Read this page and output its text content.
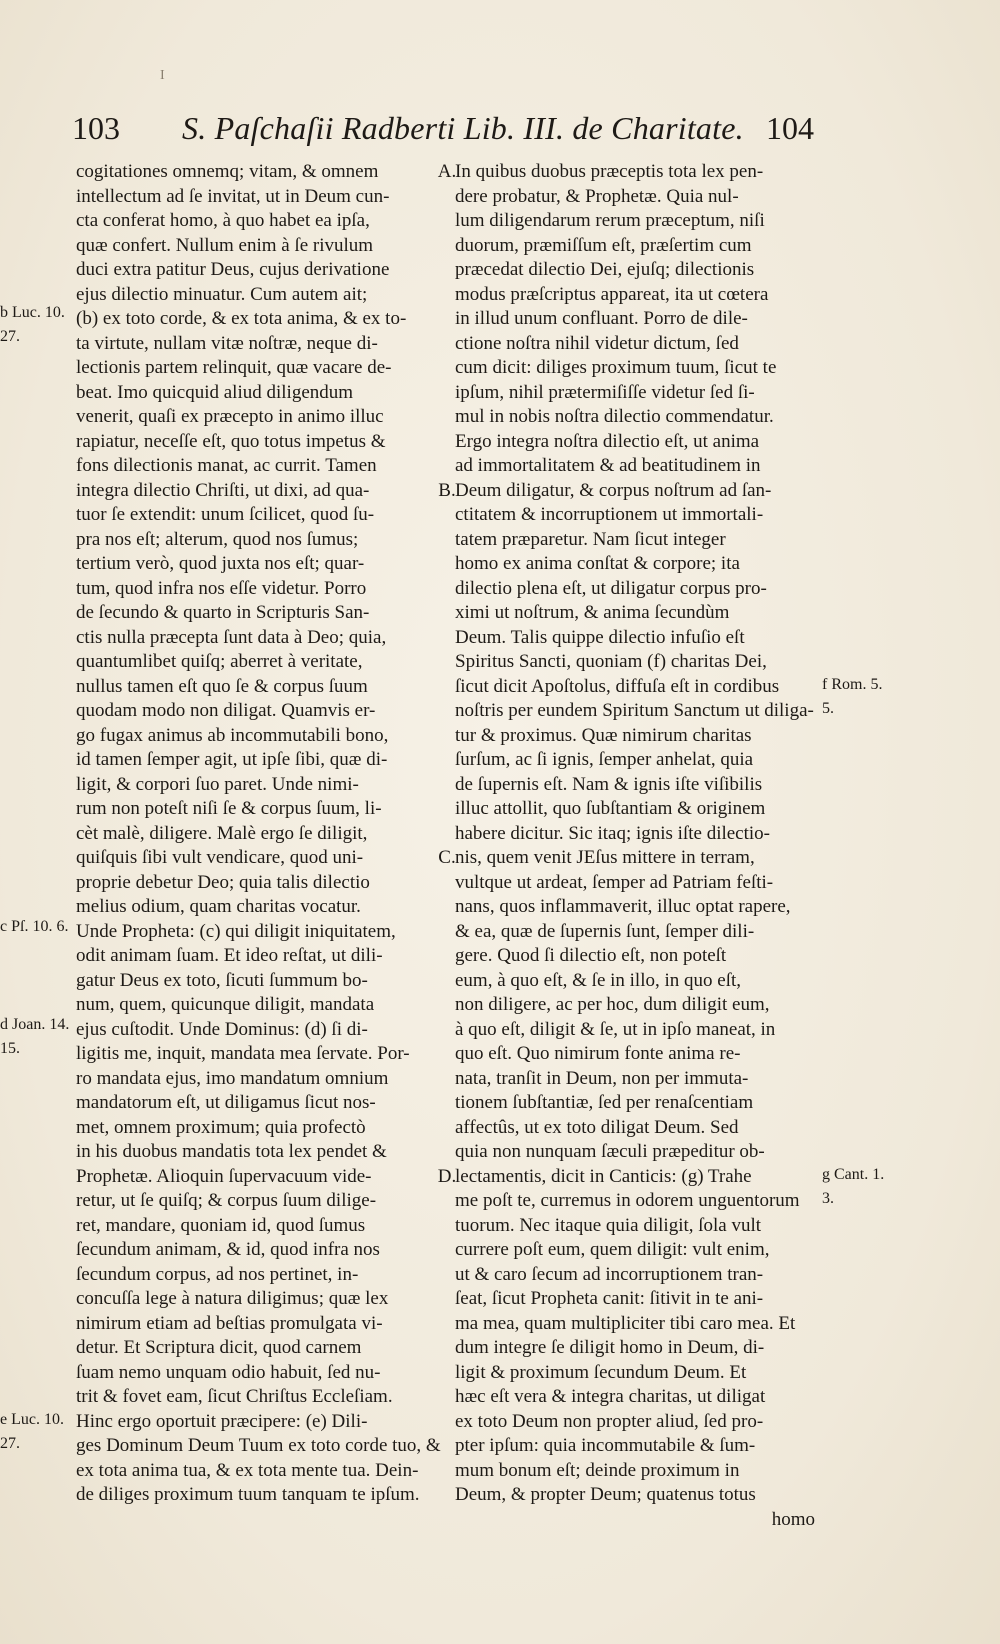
I
103 S. Paſchaſii Radberti Lib. III. de Charitate. 104
cogitationes omnemq; vitam, & omnem
intellectum ad ſe invitat, ut in Deum cun-
cta conferat homo, à quo habet ea ipſa,
quæ confert. Nullum enim à ſe rivulum
duci extra patitur Deus, cujus derivatione
ejus dilectio minuatur. Cum autem ait;
(b) ex toto corde, & ex tota anima, & ex to-
ta virtute, nullam vitæ noſtræ, neque di-
lectionis partem relinquit, quæ vacare de-
beat. Imo quicquid aliud diligendum
venerit, quaſi ex præcepto in animo illuc
rapiatur, neceſſe eſt, quo totus impetus &
fons dilectionis manat, ac currit. Tamen
integra dilectio Chriſti, ut dixi, ad qua-
tuor ſe extendit: unum ſcilicet, quod ſu-
pra nos eſt; alterum, quod nos ſumus;
tertium verò, quod juxta nos eſt; quar-
tum, quod infra nos eſſe videtur. Porro
de ſecundo & quarto in Scripturis San-
ctis nulla præcepta ſunt data à Deo; quia,
quantumlibet quiſq; aberret à veritate,
nullus tamen eſt quo ſe & corpus ſuum
quodam modo non diligat. Quamvis er-
go fugax animus ab incommutabili bono,
id tamen ſemper agit, ut ipſe ſibi, quæ di-
ligit, & corpori ſuo paret. Unde nimi-
rum non poteſt niſi ſe & corpus ſuum, li-
cèt malè, diligere. Malè ergo ſe diligit,
quiſquis ſibi vult vendicare, quod uni-
proprie debetur Deo; quia talis dilectio
melius odium, quam charitas vocatur.
Unde Propheta: (c) qui diligit iniquitatem,
odit animam ſuam. Et ideo reſtat, ut dili-
gatur Deus ex toto, ſicuti ſummum bo-
num, quem, quicunque diligit, mandata
ejus cuſtodit. Unde Dominus: (d) ſi di-
ligitis me, inquit, mandata mea ſervate. Por-
ro mandata ejus, imo mandatum omnium
mandatorum eſt, ut diligamus ſicut nos-
met, omnem proximum; quia profectò
in his duobus mandatis tota lex pendet &
Prophetæ. Alioquin ſupervacuum vide-
retur, ut ſe quiſq; & corpus ſuum dilige-
ret, mandare, quoniam id, quod ſumus
ſecundum animam, & id, quod infra nos
ſecundum corpus, ad nos pertinet, in-
concuſſa lege à natura diligimus; quæ lex
nimirum etiam ad beſtias promulgata vi-
detur. Et Scriptura dicit, quod carnem
ſuam nemo unquam odio habuit, ſed nu-
trit & fovet eam, ſicut Chriſtus Eccleſiam.
Hinc ergo oportuit præcipere: (e) Dili-
ges Dominum Deum Tuum ex toto corde tuo, &
ex tota anima tua, & ex tota mente tua. Dein-
de diliges proximum tuum tanquam te ipſum.
In quibus duobus præceptis tota lex pen-
dere probatur, & Prophetæ. Quia nul-
lum diligendarum rerum præceptum, niſi
duorum, præmiſſum eſt, præſertim cum
præcedat dilectio Dei, ejuſq; dilectionis
modus præſcriptus appareat, ita ut cœtera
in illud unum confluant. Porro de dile-
ctione noſtra nihil videtur dictum, ſed
cum dicit: diliges proximum tuum, ſicut te
ipſum, nihil prætermiſiſſe videtur ſed ſi-
mul in nobis noſtra dilectio commendatur.
Ergo integra noſtra dilectio eſt, ut anima
ad immortalitatem & ad beatitudinem in
Deum diligatur, & corpus noſtrum ad ſan-
ctitatem & incorruptionem ut immortali-
tatem præparetur. Nam ſicut integer
homo ex anima conſtat & corpore; ita
dilectio plena eſt, ut diligatur corpus pro-
ximi ut noſtrum, & anima ſecundùm
Deum. Talis quippe dilectio infuſio eſt
Spiritus Sancti, quoniam (f) charitas Dei,
ſicut dicit Apoſtolus, diffuſa eſt in cordibus
noſtris per eundem Spiritum Sanctum ut diliga-
tur & proximus. Quæ nimirum charitas
ſurſum, ac ſi ignis, ſemper anhelat, quia
de ſupernis eſt. Nam & ignis iſte viſibilis
illuc attollit, quo ſubſtantiam & originem
habere dicitur. Sic itaq; ignis iſte dilectio-
nis, quem venit JEſus mittere in terram,
vultque ut ardeat, ſemper ad Patriam feſti-
nans, quos inflammaverit, illuc optat rapere,
& ea, quæ de ſupernis ſunt, ſemper dili-
gere. Quod ſi dilectio eſt, non poteſt
eum, à quo eſt, & ſe in illo, in quo eſt,
non diligere, ac per hoc, dum diligit eum,
à quo eſt, diligit & ſe, ut in ipſo maneat, in
quo eſt. Quo nimirum fonte anima re-
nata, tranſit in Deum, non per immuta-
tionem ſubſtantiæ, ſed per renaſcentiam
affectûs, ut ex toto diligat Deum. Sed
quia non nunquam ſæculi præpeditur ob-
lectamentis, dicit in Canticis: (g) Trahe
me poſt te, curremus in odorem unguentorum
tuorum. Nec itaque quia diligit, ſola vult
currere poſt eum, quem diligit: vult enim,
ut & caro ſecum ad incorruptionem tran-
ſeat, ſicut Propheta canit: ſitivit in te ani-
ma mea, quam multipliciter tibi caro mea. Et
dum integre ſe diligit homo in Deum, di-
ligit & proximum ſecundum Deum. Et
hæc eſt vera & integra charitas, ut diligat
ex toto Deum non propter aliud, ſed pro-
pter ipſum: quia incommutabile & ſum-
mum bonum eſt; deinde proximum in
Deum, & propter Deum; quatenus totus
homo
A.
B.
C.
D.
b Luc. 10.
27.
c Pſ. 10. 6.
d Joan. 14.
15.
e Luc. 10.
27.
f Rom. 5.
5.
g Cant. 1.
3.
